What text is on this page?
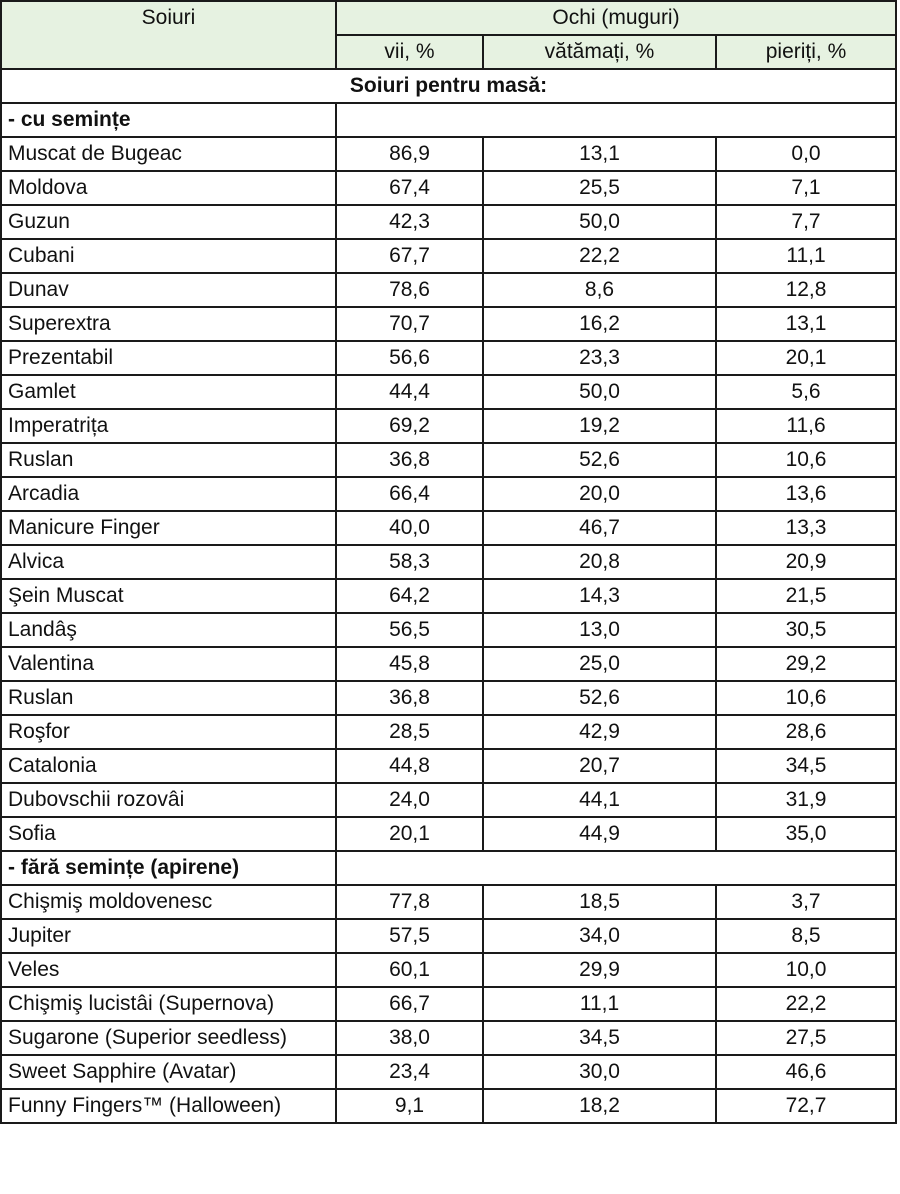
Soiuri	Ochi (muguri)		
	vii, %	vătămați, %	pieriți, %
Soiuri pentru masă:			
- cu semințe			
Muscat de Bugeac	86,9	13,1	0,0
Moldova	67,4	25,5	7,1
Guzun	42,3	50,0	7,7
Cubani	67,7	22,2	11,1
Dunav	78,6	8,6	12,8
Superextra	70,7	16,2	13,1
Prezentabil	56,6	23,3	20,1
Gamlet	44,4	50,0	5,6
Imperatrița	69,2	19,2	11,6
Ruslan	36,8	52,6	10,6
Arcadia	66,4	20,0	13,6
Manicure Finger	40,0	46,7	13,3
Alvica	58,3	20,8	20,9
Şein Muscat	64,2	14,3	21,5
Landâş	56,5	13,0	30,5
Valentina	45,8	25,0	29,2
Ruslan	36,8	52,6	10,6
Roşfor	28,5	42,9	28,6
Catalonia	44,8	20,7	34,5
Dubovschii rozovâi	24,0	44,1	31,9
Sofia	20,1	44,9	35,0
- fără semințe (apirene)			
Chişmiş moldovenesc	77,8	18,5	3,7
Jupiter	57,5	34,0	8,5
Veles	60,1	29,9	10,0
Chişmiş lucistâi (Supernova)	66,7	11,1	22,2
Sugarone (Superior seedless)	38,0	34,5	27,5
Sweet Sapphire (Avatar)	23,4	30,0	46,6
Funny Fingers™ (Halloween)	9,1	18,2	72,7
